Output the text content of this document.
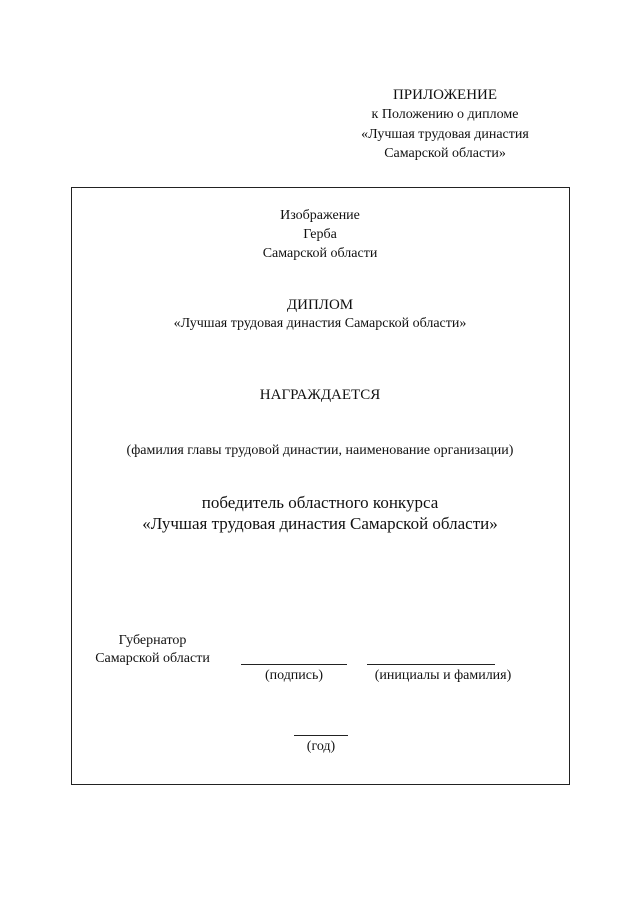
ПРИЛОЖЕНИЕ
к Положению о дипломе
«Лучшая трудовая династия
Самарской области»
Изображение
Герба
Самарской области
ДИПЛОМ
«Лучшая трудовая династия Самарской области»
НАГРАЖДАЕТСЯ
(фамилия главы трудовой династии, наименование организации)
победитель областного конкурса
«Лучшая трудовая династия Самарской области»
Губернатор
Самарской области
(подпись)	(инициалы и фамилия)
(год)
